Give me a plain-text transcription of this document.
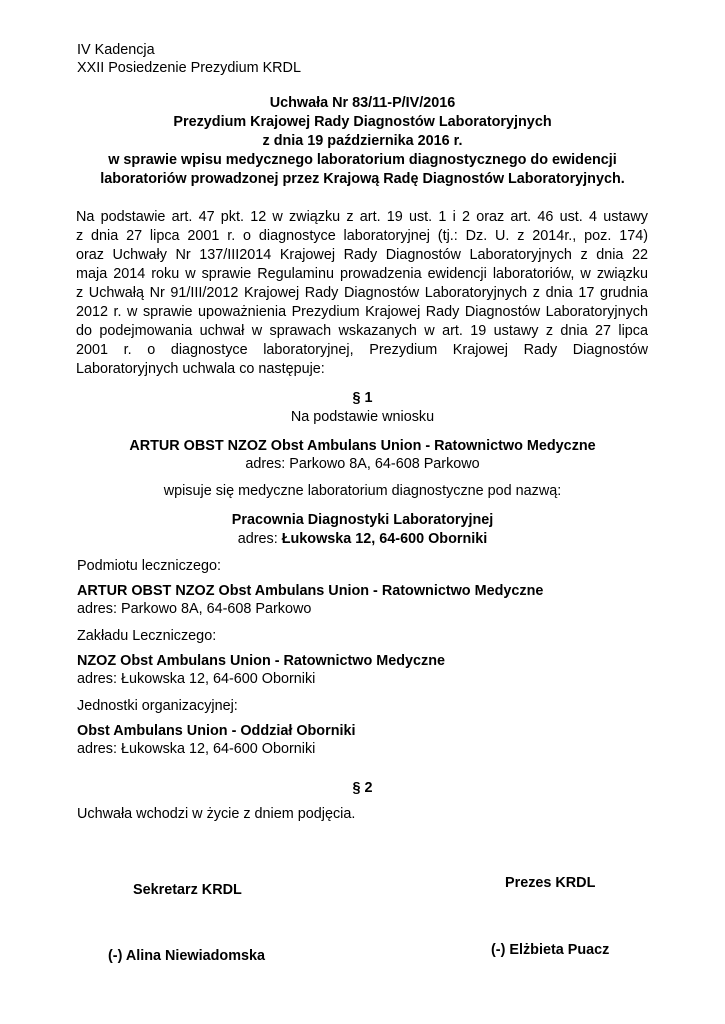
IV Kadencja
XXII Posiedzenie Prezydium KRDL
Uchwała Nr 83/11-P/IV/2016
Prezydium Krajowej Rady Diagnostów Laboratoryjnych
z dnia 19 października 2016 r.
w sprawie wpisu medycznego laboratorium diagnostycznego do ewidencji
laboratoriów prowadzonej przez Krajową Radę Diagnostów Laboratoryjnych.
Na podstawie art. 47 pkt. 12 w związku z art. 19 ust. 1 i 2 oraz art. 46 ust. 4 ustawy
z dnia 27 lipca 2001 r. o diagnostyce laboratoryjnej (tj.: Dz. U. z 2014r., poz. 174)
oraz Uchwały Nr 137/III2014 Krajowej Rady Diagnostów Laboratoryjnych z dnia 22
maja 2014 roku w sprawie Regulaminu prowadzenia ewidencji laboratoriów, w związku
z Uchwałą Nr 91/III/2012 Krajowej Rady Diagnostów Laboratoryjnych z dnia 17 grudnia
2012 r. w sprawie upoważnienia Prezydium Krajowej Rady Diagnostów Laboratoryjnych
do podejmowania uchwał w sprawach wskazanych w art. 19 ustawy z dnia 27 lipca
2001 r. o diagnostyce laboratoryjnej, Prezydium Krajowej Rady Diagnostów
Laboratoryjnych uchwala co następuje:
§ 1
Na podstawie wniosku
ARTUR OBST NZOZ Obst Ambulans Union - Ratownictwo Medyczne
adres: Parkowo 8A, 64-608 Parkowo
wpisuje się medyczne laboratorium diagnostyczne pod nazwą:
Pracownia Diagnostyki Laboratoryjnej
adres: Łukowska 12, 64-600 Oborniki
Podmiotu leczniczego:
ARTUR OBST NZOZ Obst Ambulans Union - Ratownictwo Medyczne
adres: Parkowo 8A, 64-608 Parkowo
Zakładu Leczniczego:
NZOZ Obst Ambulans Union - Ratownictwo Medyczne
adres: Łukowska 12, 64-600 Oborniki
Jednostki organizacyjnej:
Obst Ambulans Union - Oddział Oborniki
adres: Łukowska 12, 64-600 Oborniki
§ 2
Uchwała wchodzi w życie z dniem podjęcia.
Sekretarz KRDL	Prezes KRDL
(-) Alina Niewiadomska	(-) Elżbieta Puacz
